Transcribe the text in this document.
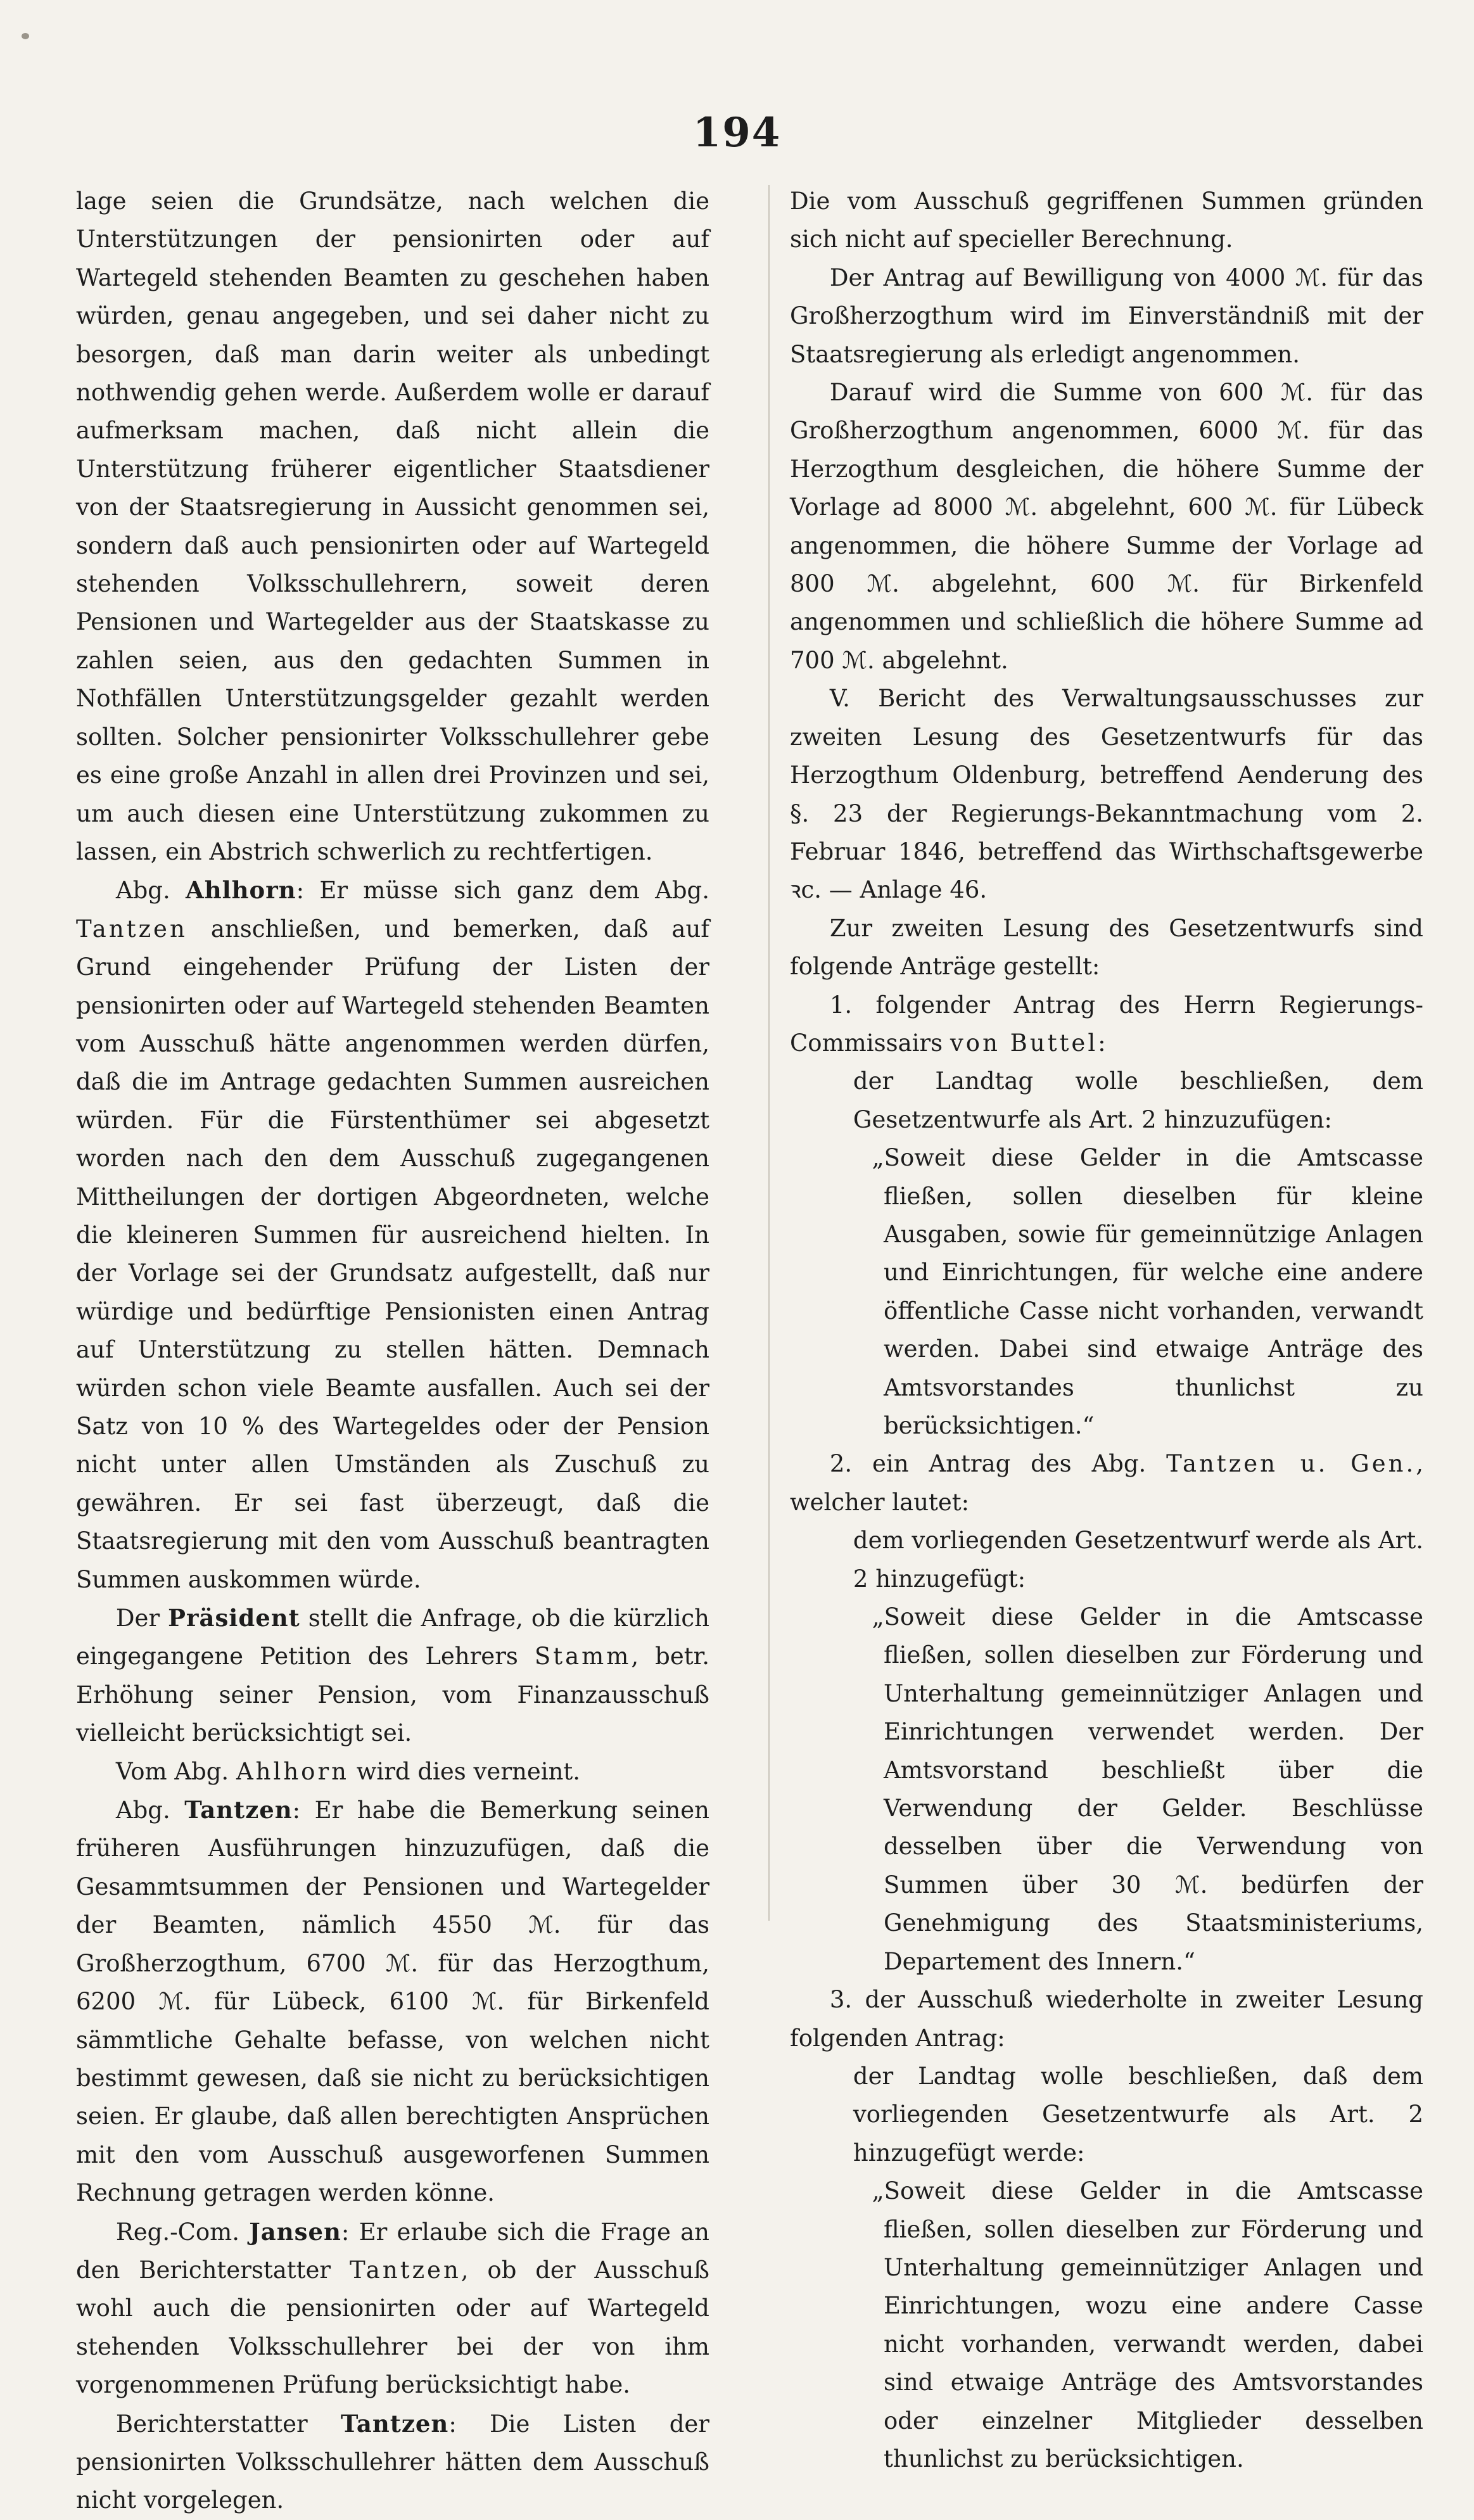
194

lage seien die Grundsätze, nach welchen die Unterstützungen der pensionirten oder auf Wartegeld stehenden Beamten zu geschehen haben würden, genau angegeben, und sei daher nicht zu besorgen, daß man darin weiter als unbedingt nothwendig gehen werde. Außerdem wolle er darauf aufmerksam machen, daß nicht allein die Unterstützung früherer eigentlicher Staatsdiener von der Staatsregierung in Aussicht genommen sei, sondern daß auch pensionirten oder auf Wartegeld stehenden Volksschullehrern, soweit deren Pensionen und Wartegelder aus der Staatskasse zu zahlen seien, aus den gedachten Summen in Nothfällen Unterstützungsgelder gezahlt werden sollten. Solcher pensionirter Volksschullehrer gebe es eine große Anzahl in allen drei Provinzen und sei, um auch diesen eine Unterstützung zukommen zu lassen, ein Abstrich schwerlich zu rechtfertigen.

Abg. Ahlhorn: Er müsse sich ganz dem Abg. Tantzen anschließen, und bemerken, daß auf Grund eingehender Prüfung der Listen der pensionirten oder auf Wartegeld stehenden Beamten vom Ausschuß hätte angenommen werden dürfen, daß die im Antrage gedachten Summen ausreichen würden. Für die Fürstenthümer sei abgesetzt worden nach den dem Ausschuß zugegangenen Mittheilungen der dortigen Abgeordneten, welche die kleineren Summen für ausreichend hielten. In der Vorlage sei der Grundsatz aufgestellt, daß nur würdige und bedürftige Pensionisten einen Antrag auf Unterstützung zu stellen hätten. Demnach würden schon viele Beamte ausfallen. Auch sei der Satz von 10 % des Wartegeldes oder der Pension nicht unter allen Umständen als Zuschuß zu gewähren. Er sei fast überzeugt, daß die Staatsregierung mit den vom Ausschuß beantragten Summen auskommen würde.

Der Präsident stellt die Anfrage, ob die kürzlich eingegangene Petition des Lehrers Stamm, betr. Erhöhung seiner Pension, vom Finanzausschuß vielleicht berücksichtigt sei.

Vom Abg. Ahlhorn wird dies verneint.

Abg. Tantzen: Er habe die Bemerkung seinen früheren Ausführungen hinzuzufügen, daß die Gesammtsummen der Pensionen und Wartegelder der Beamten, nämlich 4550 ℳ. für das Großherzogthum, 6700 ℳ. für das Herzogthum, 6200 ℳ. für Lübeck, 6100 ℳ. für Birkenfeld sämmtliche Gehalte befasse, von welchen nicht bestimmt gewesen, daß sie nicht zu berücksichtigen seien. Er glaube, daß allen berechtigten Ansprüchen mit den vom Ausschuß ausgeworfenen Summen Rechnung getragen werden könne.

Reg.-Com. Jansen: Er erlaube sich die Frage an den Berichterstatter Tantzen, ob der Ausschuß wohl auch die pensionirten oder auf Wartegeld stehenden Volksschullehrer bei der von ihm vorgenommenen Prüfung berücksichtigt habe.

Berichterstatter Tantzen: Die Listen der pensionirten Volksschullehrer hätten dem Ausschuß nicht vorgelegen.

Die vom Ausschuß gegriffenen Summen gründen sich nicht auf specieller Berechnung.

Der Antrag auf Bewilligung von 4000 ℳ. für das Großherzogthum wird im Einverständniß mit der Staatsregierung als erledigt angenommen.

Darauf wird die Summe von 600 ℳ. für das Großherzogthum angenommen, 6000 ℳ. für das Herzogthum desgleichen, die höhere Summe der Vorlage ad 8000 ℳ. abgelehnt, 600 ℳ. für Lübeck angenommen, die höhere Summe der Vorlage ad 800 ℳ. abgelehnt, 600 ℳ. für Birkenfeld angenommen und schließlich die höhere Summe ad 700 ℳ. abgelehnt.

V. Bericht des Verwaltungsausschusses zur zweiten Lesung des Gesetzentwurfs für das Herzogthum Oldenburg, betreffend Aenderung des §. 23 der Regierungs-Bekanntmachung vom 2. Februar 1846, betreffend das Wirthschaftsgewerbe ꝛc. — Anlage 46.

Zur zweiten Lesung des Gesetzentwurfs sind folgende Anträge gestellt:

1. folgender Antrag des Herrn Regierungs-Commissairs von Buttel:

der Landtag wolle beschließen, dem Gesetzentwurfe als Art. 2 hinzuzufügen:

„Soweit diese Gelder in die Amtscasse fließen, sollen dieselben für kleine Ausgaben, sowie für gemeinnützige Anlagen und Einrichtungen, für welche eine andere öffentliche Casse nicht vorhanden, verwandt werden. Dabei sind etwaige Anträge des Amtsvorstandes thunlichst zu berücksichtigen.“

2. ein Antrag des Abg. Tantzen u. Gen., welcher lautet:

dem vorliegenden Gesetzentwurf werde als Art. 2 hinzugefügt:

„Soweit diese Gelder in die Amtscasse fließen, sollen dieselben zur Förderung und Unterhaltung gemeinnütziger Anlagen und Einrichtungen verwendet werden. Der Amtsvorstand beschließt über die Verwendung der Gelder. Beschlüsse desselben über die Verwendung von Summen über 30 ℳ. bedürfen der Genehmigung des Staatsministeriums, Departement des Innern.“

3. der Ausschuß wiederholte in zweiter Lesung folgenden Antrag:

der Landtag wolle beschließen, daß dem vorliegenden Gesetzentwurfe als Art. 2 hinzugefügt werde:

„Soweit diese Gelder in die Amtscasse fließen, sollen dieselben zur Förderung und Unterhaltung gemeinnütziger Anlagen und Einrichtungen, wozu eine andere Casse nicht vorhanden, verwandt werden, dabei sind etwaige Anträge des Amtsvorstandes oder einzelner Mitglieder desselben thunlichst zu berücksichtigen.
